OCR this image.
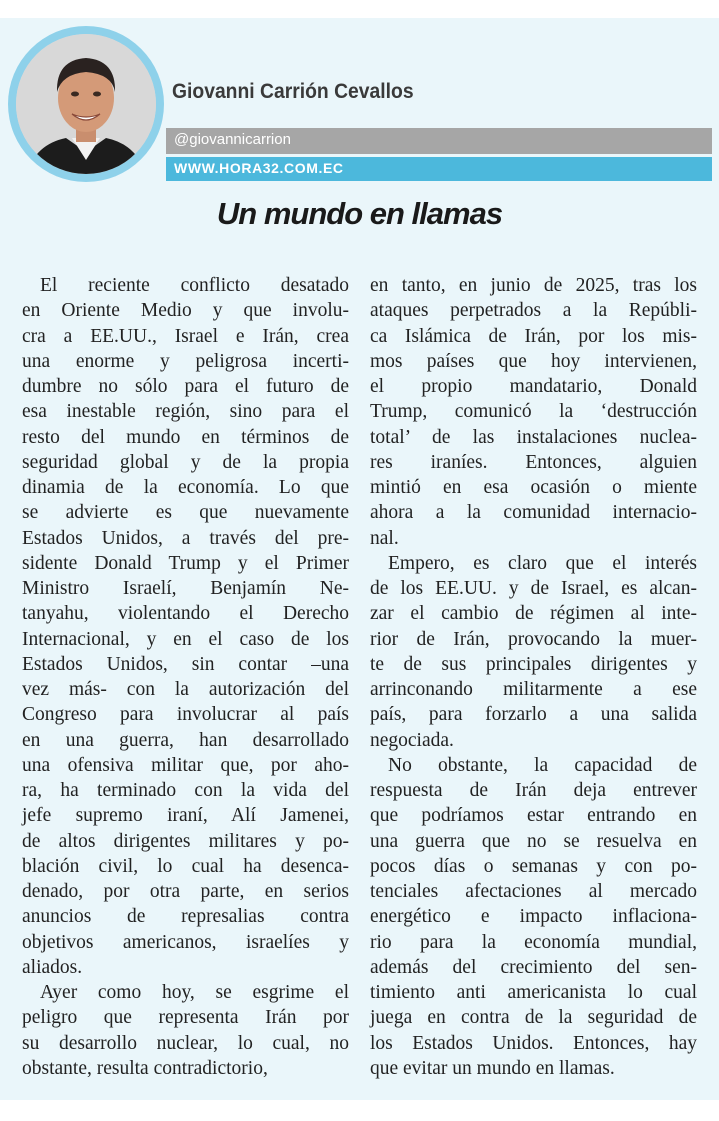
Giovanni Carrión Cevallos
@giovannicarrion
WWW.HORA32.COM.EC
Un mundo en llamas
El reciente conflicto desatado
en Oriente Medio y que involu-
cra a EE.UU., Israel e Irán, crea
una enorme y peligrosa incerti-
dumbre no sólo para el futuro de
esa inestable región, sino para el
resto del mundo en términos de
seguridad global y de la propia
dinamia de la economía. Lo que
se advierte es que nuevamente
Estados Unidos, a través del pre-
sidente Donald Trump y el Primer
Ministro Israelí, Benjamín Ne-
tanyahu, violentando el Derecho
Internacional, y en el caso de los
Estados Unidos, sin contar –una
vez más- con la autorización del
Congreso para involucrar al país
en una guerra, han desarrollado
una ofensiva militar que, por aho-
ra, ha terminado con la vida del
jefe supremo iraní, Alí Jamenei,
de altos dirigentes militares y po-
blación civil, lo cual ha desenca-
denado, por otra parte, en serios
anuncios de represalias contra
objetivos americanos, israelíes y
aliados.
Ayer como hoy, se esgrime el
peligro que representa Irán por
su desarrollo nuclear, lo cual, no
obstante, resulta contradictorio,
en tanto, en junio de 2025, tras los
ataques perpetrados a la Repúbli-
ca Islámica de Irán, por los mis-
mos países que hoy intervienen,
el propio mandatario, Donald
Trump, comunicó la ‘destrucción
total’ de las instalaciones nuclea-
res iraníes. Entonces, alguien
mintió en esa ocasión o miente
ahora a la comunidad internacio-
nal.
Empero, es claro que el interés
de los EE.UU. y de Israel, es alcan-
zar el cambio de régimen al inte-
rior de Irán, provocando la muer-
te de sus principales dirigentes y
arrinconando militarmente a ese
país, para forzarlo a una salida
negociada.
No obstante, la capacidad de
respuesta de Irán deja entrever
que podríamos estar entrando en
una guerra que no se resuelva en
pocos días o semanas y con po-
tenciales afectaciones al mercado
energético e impacto inflaciona-
rio para la economía mundial,
además del crecimiento del sen-
timiento anti americanista lo cual
juega en contra de la seguridad de
los Estados Unidos. Entonces, hay
que evitar un mundo en llamas.
